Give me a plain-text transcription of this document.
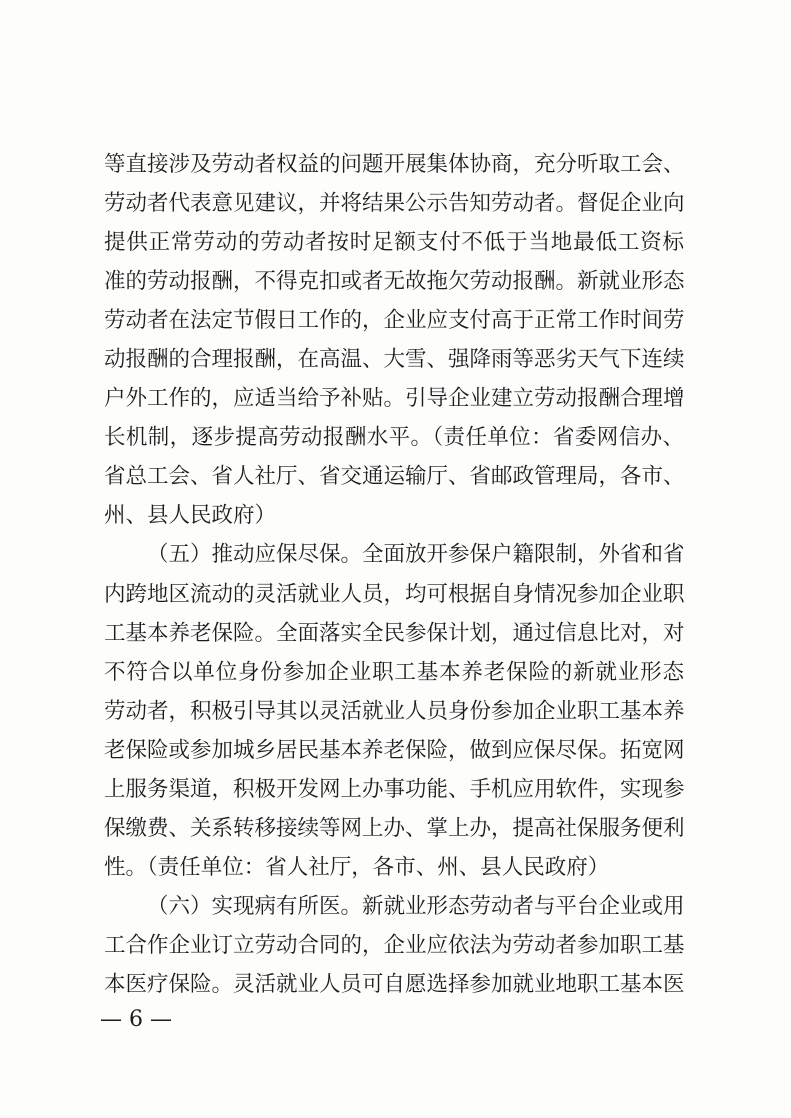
等直接涉及劳动者权益的问题开展集体协商，充分听取工会、
劳动者代表意见建议，并将结果公示告知劳动者。督促企业向
提供正常劳动的劳动者按时足额支付不低于当地最低工资标
准的劳动报酬，不得克扣或者无故拖欠劳动报酬。新就业形态
劳动者在法定节假日工作的，企业应支付高于正常工作时间劳
动报酬的合理报酬，在高温、大雪、强降雨等恶劣天气下连续
户外工作的，应适当给予补贴。引导企业建立劳动报酬合理增
长机制，逐步提高劳动报酬水平。（责任单位：省委网信办、
省总工会、省人社厅、省交通运输厅、省邮政管理局，各市、
州、县人民政府）
（五）推动应保尽保。全面放开参保户籍限制，外省和省
内跨地区流动的灵活就业人员，均可根据自身情况参加企业职
工基本养老保险。全面落实全民参保计划，通过信息比对，对
不符合以单位身份参加企业职工基本养老保险的新就业形态
劳动者，积极引导其以灵活就业人员身份参加企业职工基本养
老保险或参加城乡居民基本养老保险，做到应保尽保。拓宽网
上服务渠道，积极开发网上办事功能、手机应用软件，实现参
保缴费、关系转移接续等网上办、掌上办，提高社保服务便利
性。（责任单位：省人社厅，各市、州、县人民政府）
（六）实现病有所医。新就业形态劳动者与平台企业或用
工合作企业订立劳动合同的，企业应依法为劳动者参加职工基
本医疗保险。灵活就业人员可自愿选择参加就业地职工基本医
— 6 —
